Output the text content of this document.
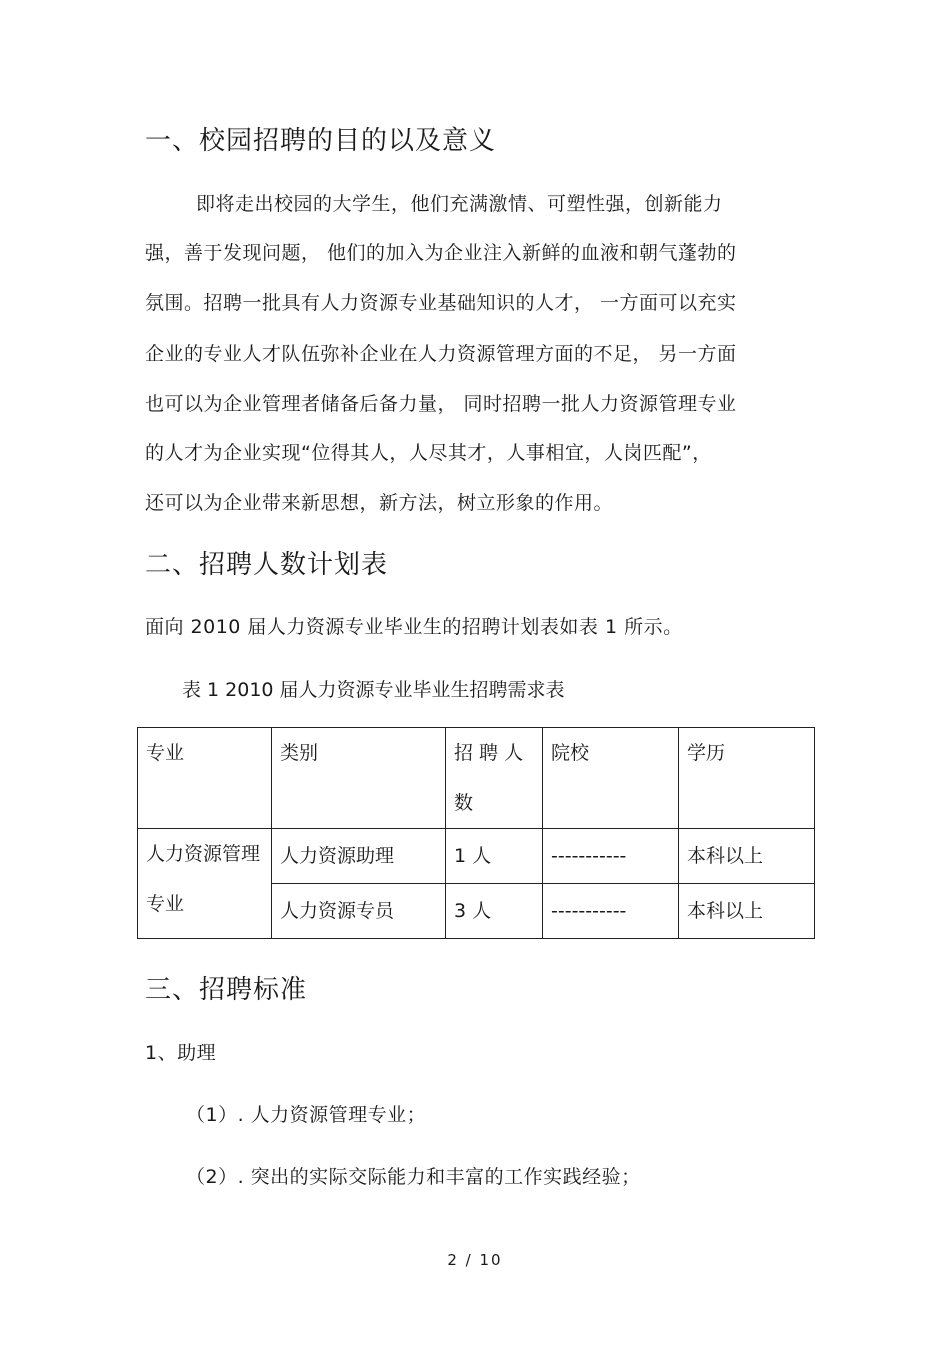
一、校园招聘的目的以及意义
即将走出校园的大学生，他们充满激情、可塑性强，创新能力
强，善于发现问题， 他们的加入为企业注入新鲜的血液和朝气蓬勃的
氛围。招聘一批具有人力资源专业基础知识的人才， 一方面可以充实
企业的专业人才队伍弥补企业在人力资源管理方面的不足， 另一方面
也可以为企业管理者储备后备力量， 同时招聘一批人力资源管理专业
的人才为企业实现“位得其人，人尽其才，人事相宜，人岗匹配”，
还可以为企业带来新思想，新方法，树立形象的作用。
二、招聘人数计划表
面向 2010 届人力资源专业毕业生的招聘计划表如表 1 所示。
表 1 2010 届人力资源专业毕业生招聘需求表
专业	类别	招 聘 人 数	院校	学历
人力资源管理专业	人力资源助理	1 人	-----------	本科以上
	人力资源专员	3 人	-----------	本科以上
三、招聘标准
1、助理
（1）. 人力资源管理专业；
（2）. 突出的实际交际能力和丰富的工作实践经验；
2 / 10
